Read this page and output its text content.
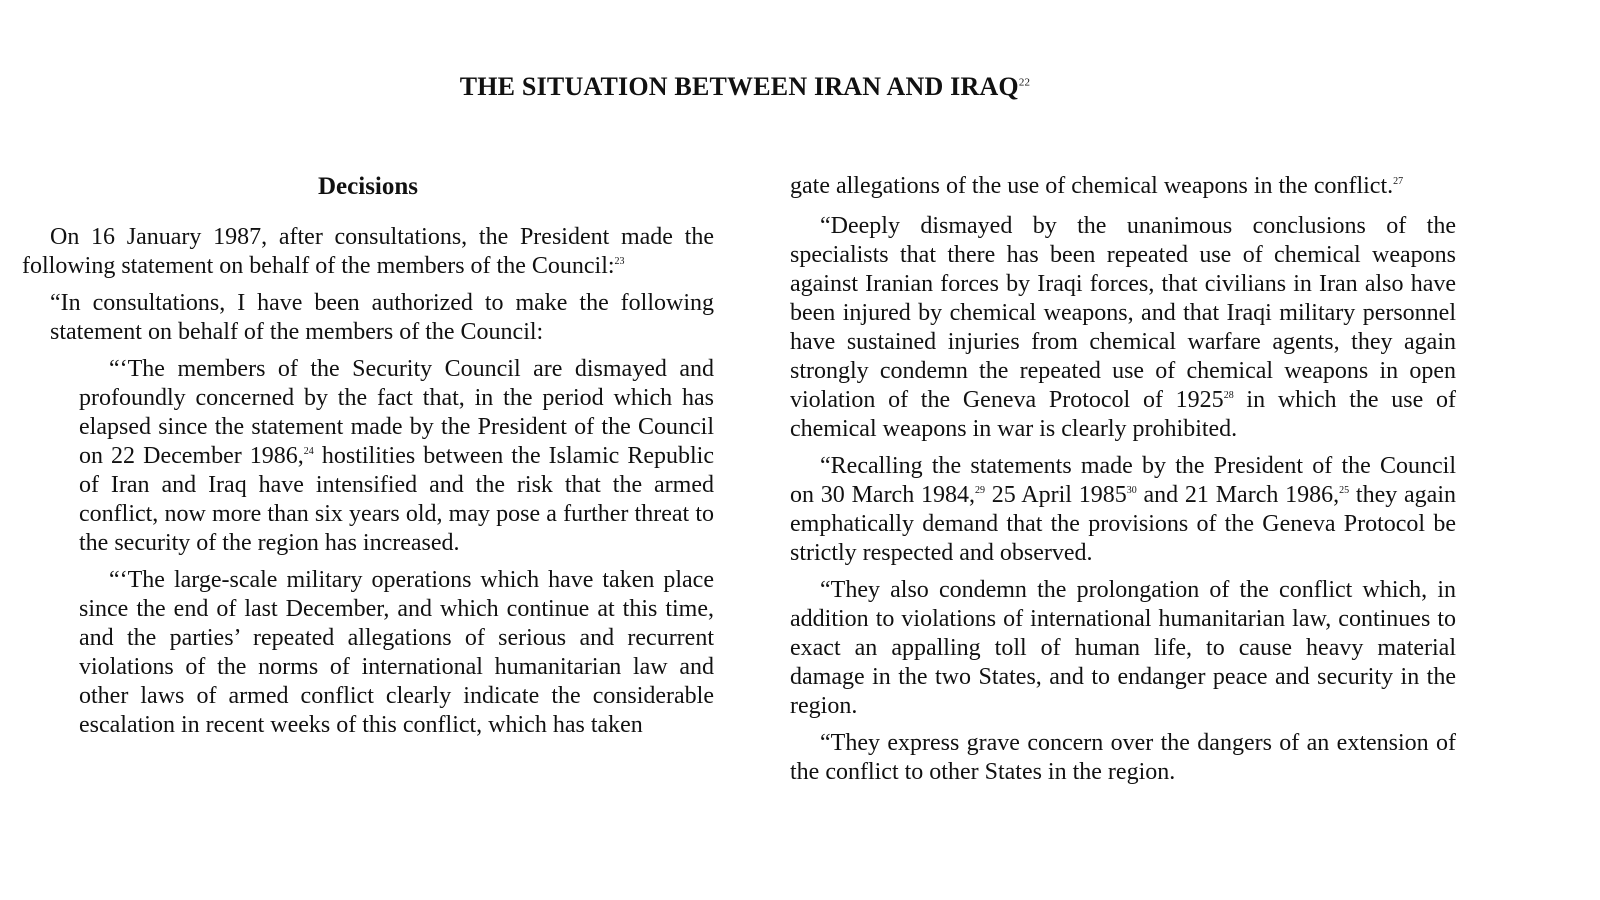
THE SITUATION BETWEEN IRAN AND IRAQ$^{22}$
Decisions

On 16 January 1987, after consultations, the President made the following statement on behalf of the members of the Council:$^{23}$

“In consultations, I have been authorized to make the following statement on behalf of the members of the Council:

“‘The members of the Security Council are dismayed and profoundly concerned by the fact that, in the period which has elapsed since the statement made by the President of the Council on 22 December 1986,24 hostilities between the Islamic Republic of Iran and Iraq have intensified and the risk that the armed conflict, now more than six years old, may pose a further threat to the security of the region has increased.

“‘The large-scale military operations which have taken place since the end of last December, and which continue at this time, and the parties’ repeated allegations of serious and recurrent violations of the norms of international humanitarian law and other laws of armed conflict clearly indicate the considerable escalation in recent weeks of this conflict, which has taken

gate allegations of the use of chemical weapons in the conflict.$^{27}$

“Deeply dismayed by the unanimous conclusions of the specialists that there has been repeated use of chemical weapons against Iranian forces by Iraqi forces, that civilians in Iran also have been injured by chemical weapons, and that Iraqi military personnel have sustained injuries from chemical warfare agents, they again strongly condemn the repeated use of chemical weapons in open violation of the Geneva Protocol of 1925$^{28}$ in which the use of chemical weapons in war is clearly prohibited.

“Recalling the statements made by the President of the Council on 30 March 1984,29 25 April 1985$^{30}$ and 21 March 1986,25 they again emphatically demand that the provisions of the Geneva Protocol be strictly respected and observed.

“They also condemn the prolongation of the conflict which, in addition to violations of international humanitarian law, continues to exact an appalling toll of human life, to cause heavy material damage in the two States, and to endanger peace and security in the region.

“They express grave concern over the dangers of an extension of the conflict to other States in the region.
